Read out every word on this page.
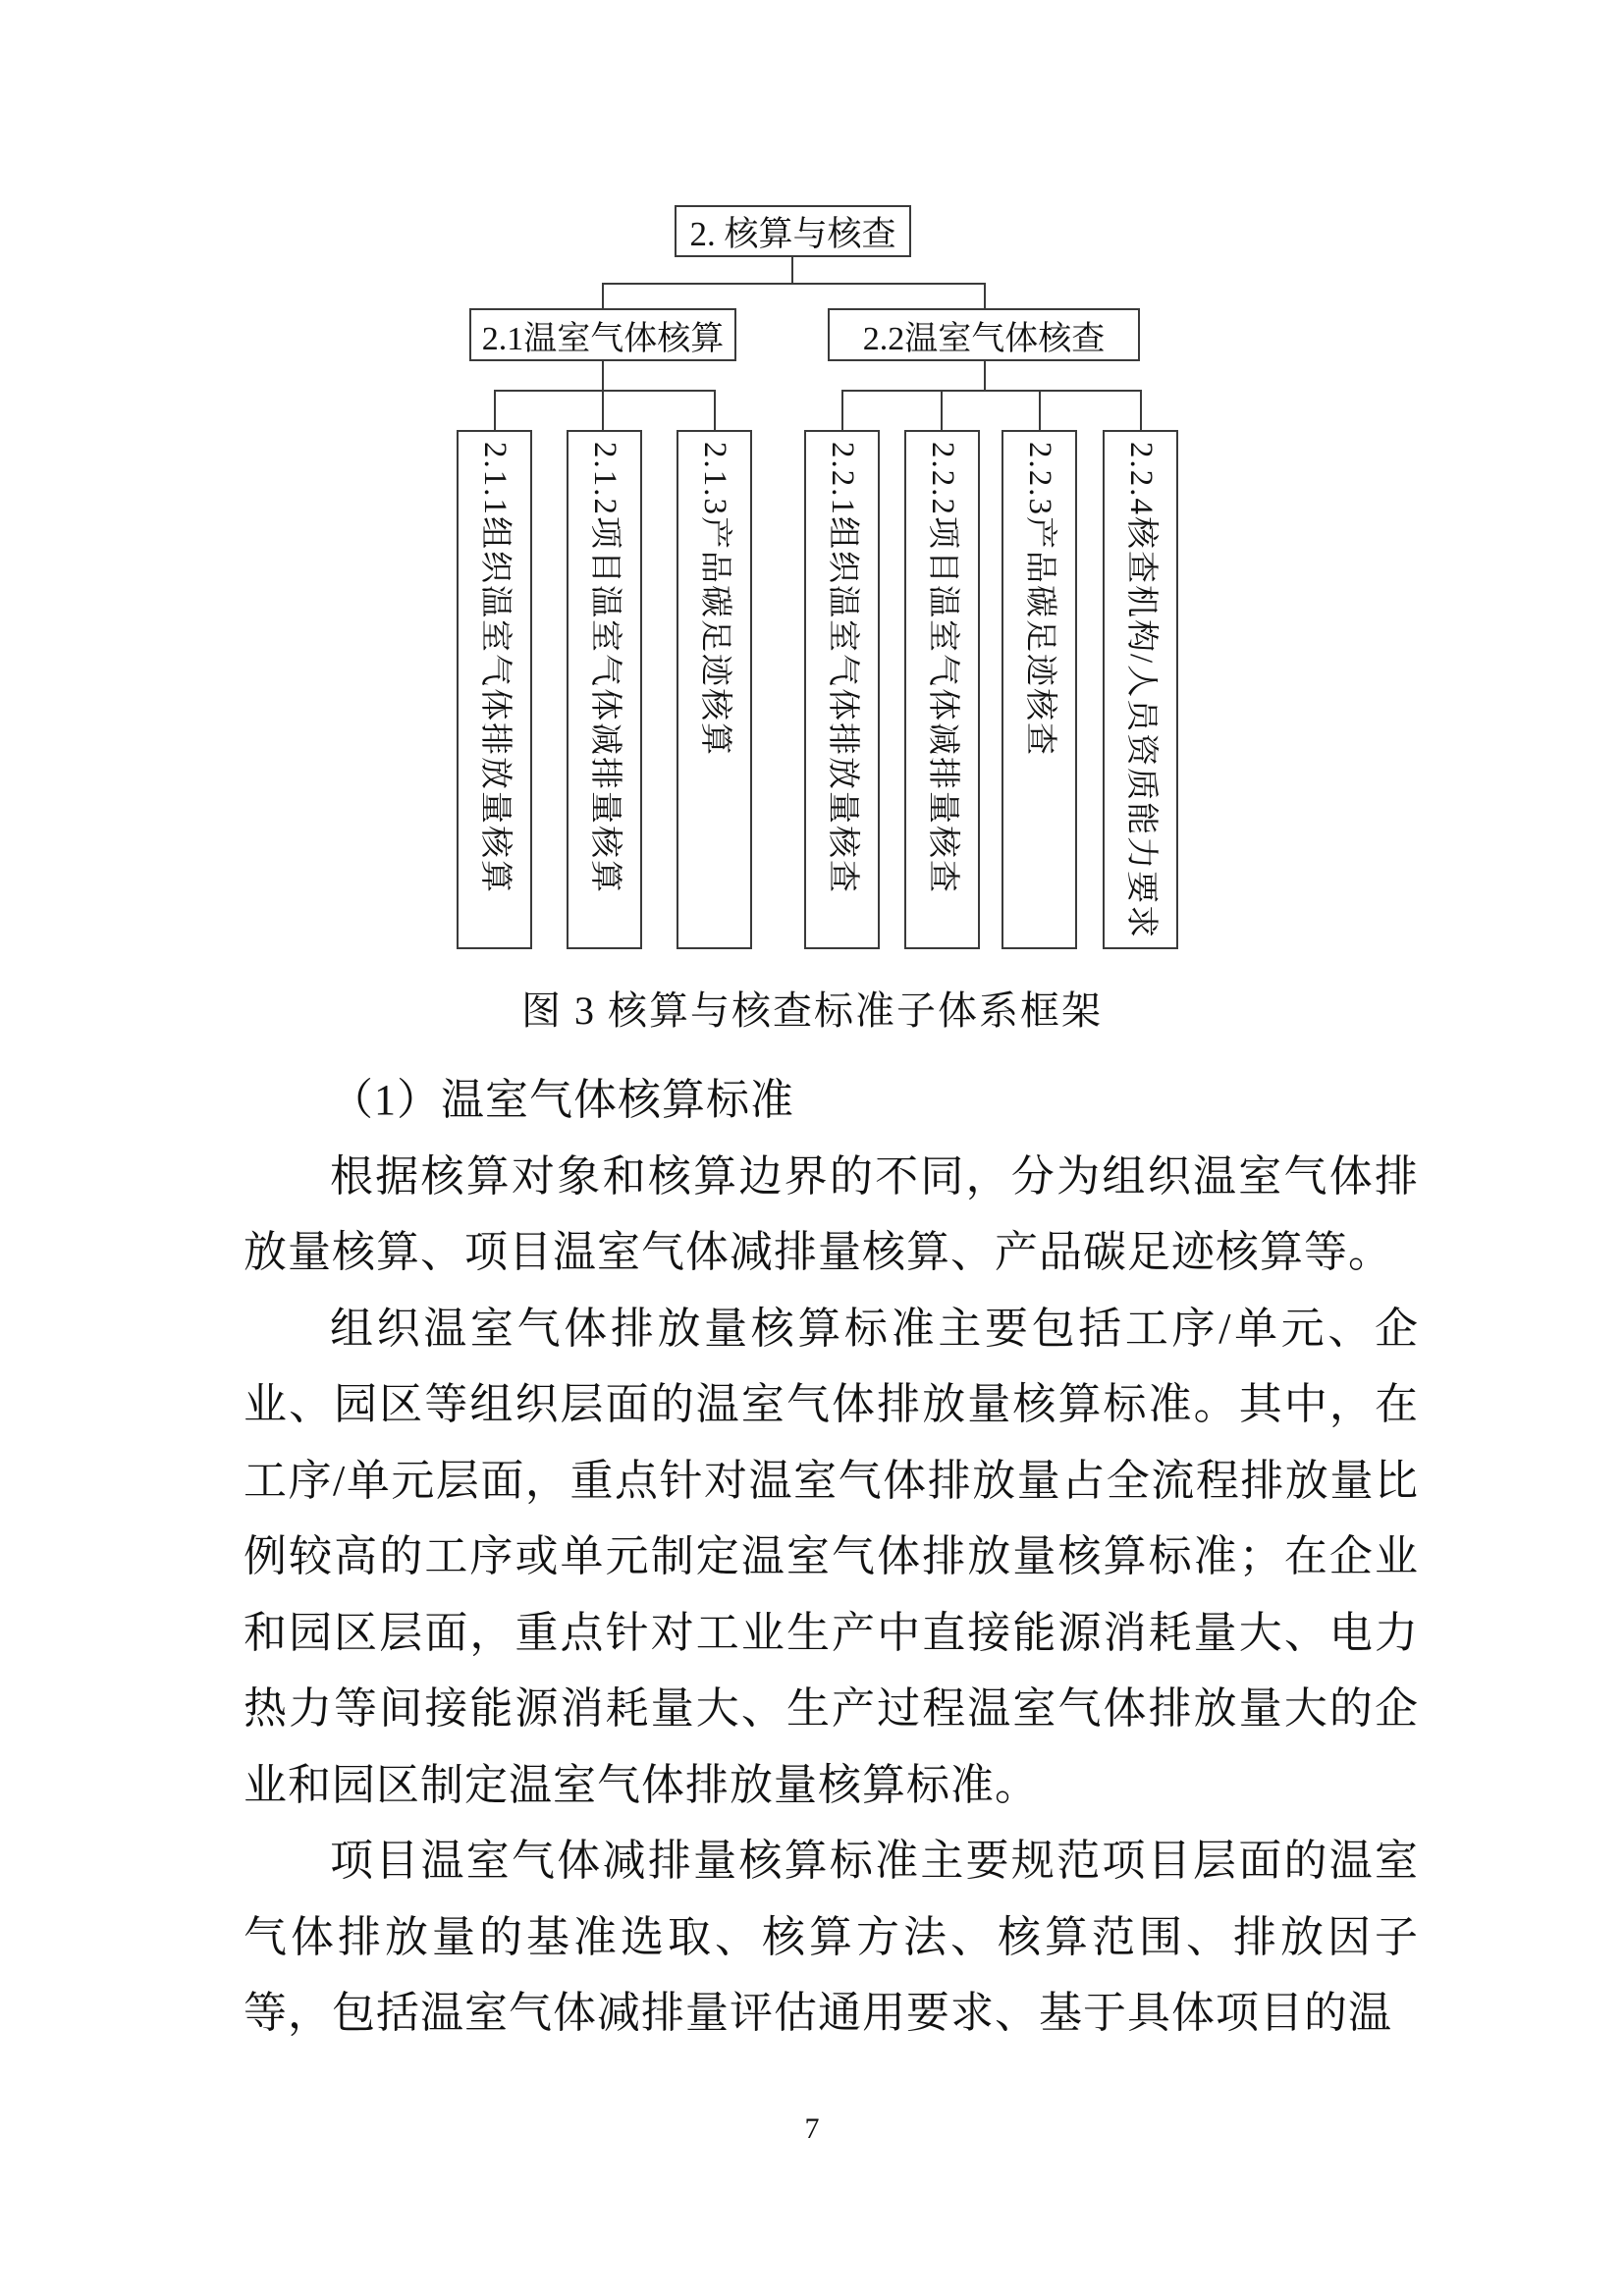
2. 核算与核查
2.1温室气体核算	2.2温室气体核查
2.1.1组织温室气体排放量核算 2.1.2项目温室气体减排量核算 2.1.3产品碳足迹核算	2.2.1组织温室气体排放量核查 2.2.2项目温室气体减排量核查 2.2.3产品碳足迹核查 2.2.4核查机构/人员资质能力要求
图 3 核算与核查标准子体系框架

（1）温室气体核算标准

根据核算对象和核算边界的不同，分为组织温室气体排放量核算、项目温室气体减排量核算、产品碳足迹核算等。

组织温室气体排放量核算标准主要包括工序/单元、企业、园区等组织层面的温室气体排放量核算标准。其中，在工序/单元层面，重点针对温室气体排放量占全流程排放量比例较高的工序或单元制定温室气体排放量核算标准；在企业和园区层面，重点针对工业生产中直接能源消耗量大、电力热力等间接能源消耗量大、生产过程温室气体排放量大的企业和园区制定温室气体排放量核算标准。

项目温室气体减排量核算标准主要规范项目层面的温室气体排放量的基准选取、核算方法、核算范围、排放因子等，包括温室气体减排量评估通用要求、基于具体项目的温

7
